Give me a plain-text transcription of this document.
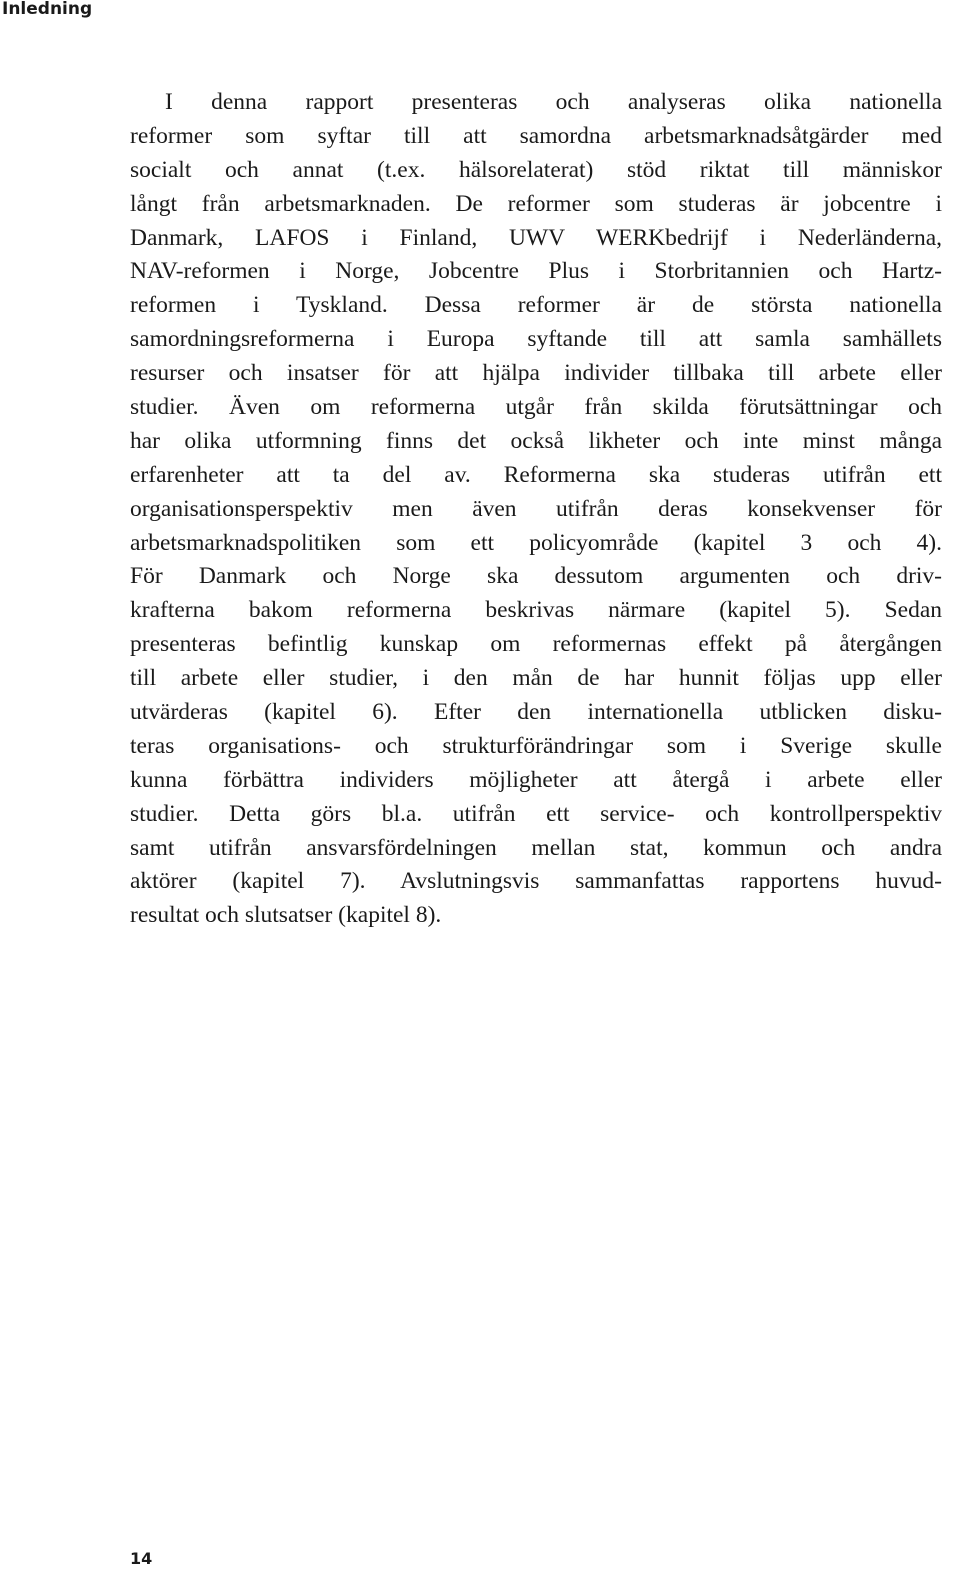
Inledning
I denna rapport presenteras och analyseras olika nationella
reformer som syftar till att samordna arbetsmarknadsåtgärder med
socialt och annat (t.ex. hälsorelaterat) stöd riktat till människor
långt från arbetsmarknaden. De reformer som studeras är jobcentre i
Danmark, LAFOS i Finland, UWV WERKbedrijf i Nederländerna,
NAV-reformen i Norge, Jobcentre Plus i Storbritannien och Hartz-
reformen i Tyskland. Dessa reformer är de största nationella
samordningsreformerna i Europa syftande till att samla samhällets
resurser och insatser för att hjälpa individer tillbaka till arbete eller
studier. Även om reformerna utgår från skilda förutsättningar och
har olika utformning finns det också likheter och inte minst många
erfarenheter att ta del av. Reformerna ska studeras utifrån ett
organisationsperspektiv men även utifrån deras konsekvenser för
arbetsmarknadspolitiken som ett policyområde (kapitel 3 och 4).
För Danmark och Norge ska dessutom argumenten och driv-
krafterna bakom reformerna beskrivas närmare (kapitel 5). Sedan
presenteras befintlig kunskap om reformernas effekt på återgången
till arbete eller studier, i den mån de har hunnit följas upp eller
utvärderas (kapitel 6). Efter den internationella utblicken disku-
teras organisations- och strukturförändringar som i Sverige skulle
kunna förbättra individers möjligheter att återgå i arbete eller
studier. Detta görs bl.a. utifrån ett service- och kontrollperspektiv
samt utifrån ansvarsfördelningen mellan stat, kommun och andra
aktörer (kapitel 7). Avslutningsvis sammanfattas rapportens huvud-
resultat och slutsatser (kapitel 8).
14
